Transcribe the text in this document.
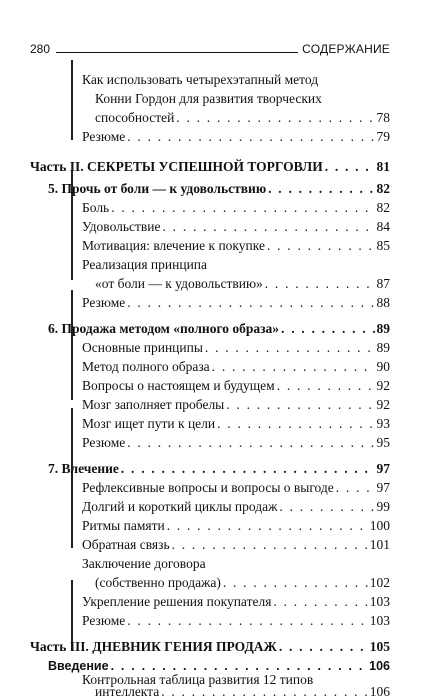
280	СОДЕРЖАНИЕ
Как использовать четырехэтапный метод
Конни Гордон для развития творческих
способностей . . .	78
Резюме . . .	79
Часть II. СЕКРЕТЫ УСПЕШНОЙ ТОРГОВЛИ . . .	81
5. Прочь от боли — к удовольствию . . .	82
Боль . . .	82
Удовольствие . . .	84
Мотивация: влечение к покупке . . .	85
Реализация принципа
«от боли — к удовольствию» . . .	87
Резюме . . .	88
6. Продажа методом «полного образа» . . .	89
Основные принципы . . .	89
Метод полного образа . . .	90
Вопросы о настоящем и будущем . . .	92
Мозг заполняет пробелы . . .	92
Мозг ищет пути к цели . . .	93
Резюме . . .	95
7. Влечение . . .	97
Рефлексивные вопросы и вопросы о выгоде . . .	97
Долгий и короткий циклы продаж . . .	99
Ритмы памяти . . .	100
Обратная связь . . .	101
Заключение договора
(собственно продажа) . . .	102
Укрепление решения покупателя . . .	103
Резюме . . .	103
Часть III. ДНЕВНИК ГЕНИЯ ПРОДАЖ . . .	105
Введение . . .	106
Контрольная таблица развития 12 типов
интеллекта . . .	106
